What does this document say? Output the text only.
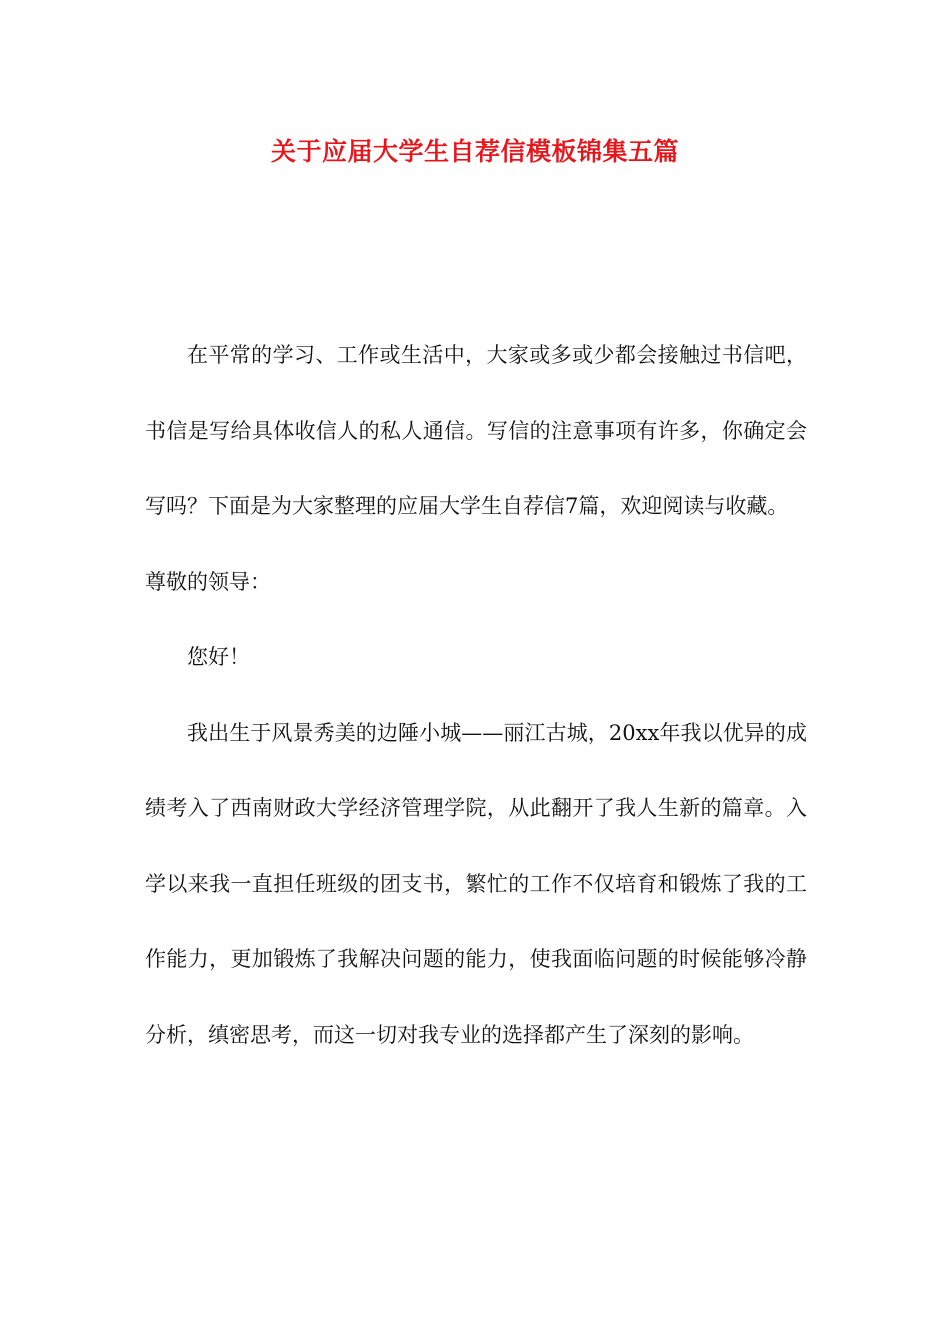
关于应届大学生自荐信模板锦集五篇

在平常的学习、工作或生活中，大家或多或少都会接触过书信吧，书信是写给具体收信人的私人通信。写信的注意事项有许多，你确定会写吗？下面是为大家整理的应届大学生自荐信7篇，欢迎阅读与收藏。

尊敬的领导：

您好！

我出生于风景秀美的边陲小城——丽江古城，20xx年我以优异的成绩考入了西南财政大学经济管理学院，从此翻开了我人生新的篇章。入学以来我一直担任班级的团支书，繁忙的工作不仅培育和锻炼了我的工作能力，更加锻炼了我解决问题的能力，使我面临问题的时候能够冷静分析，缜密思考，而这一切对我专业的选择都产生了深刻的影响。
